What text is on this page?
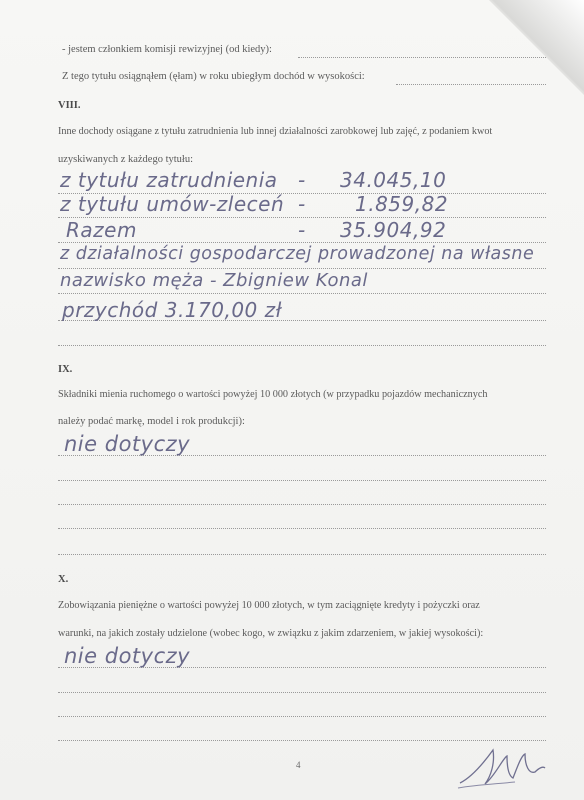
- jestem członkiem komisji rewizyjnej (od kiedy):
Z tego tytułu osiągnąłem (ęłam) w roku ubiegłym dochód w wysokości:
VIII.
Inne dochody osiągane z tytułu zatrudnienia lub innej działalności zarobkowej lub zajęć, z podaniem kwot
uzyskiwanych z każdego tytułu:
z tytułu zatrudnienia - 34.045,10
z tytułu umów-zleceń - 1.859,82
Razem	- 35.904,92
z działalności gospodarczej prowadzonej na własne
nazwisko męża - Zbigniew Konal
przychód 3.170,00 zł
IX.
Składniki mienia ruchomego o wartości powyżej 10 000 złotych (w przypadku pojazdów mechanicznych
należy podać markę, model i rok produkcji):
nie dotyczy
X.
Zobowiązania pieniężne o wartości powyżej 10 000 złotych, w tym zaciągnięte kredyty i pożyczki oraz
warunki, na jakich zostały udzielone (wobec kogo, w związku z jakim zdarzeniem, w jakiej wysokości):
nie dotyczy
4
